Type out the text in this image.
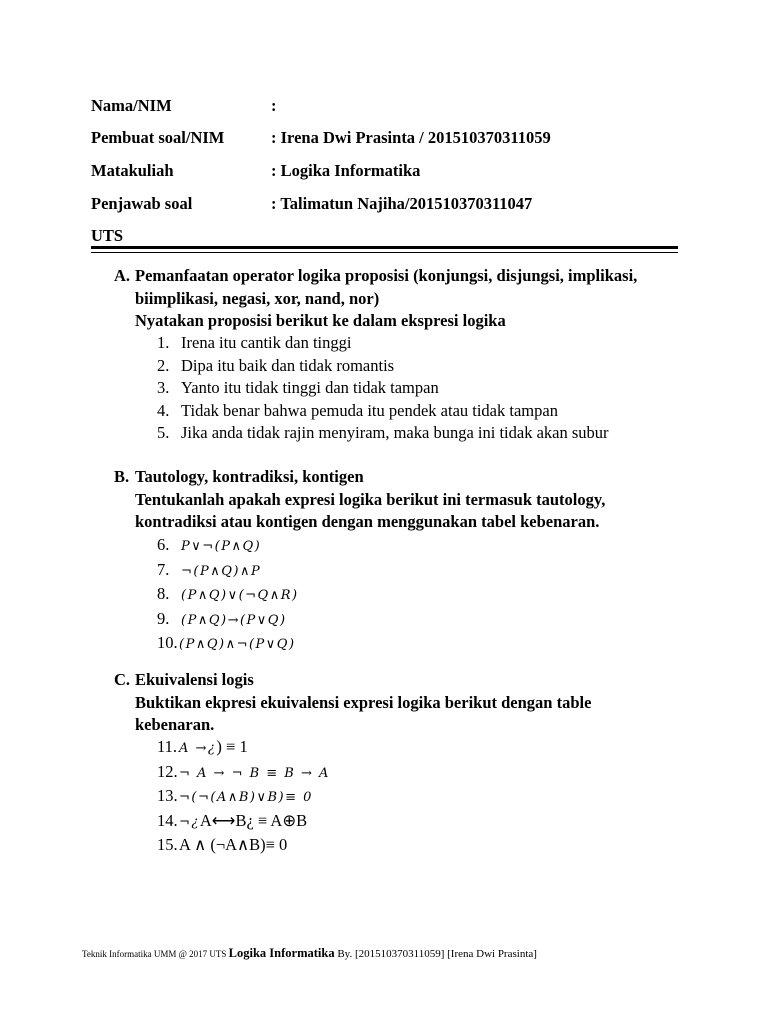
Nama/NIM	:
Pembuat soal/NIM	: Irena Dwi Prasinta / 201510370311059
Matakuliah	: Logika Informatika
Penjawab soal	: Talimatun Najiha/201510370311047
UTS
A. Pemanfaatan operator logika proposisi (konjungsi, disjungsi, implikasi,
biimplikasi, negasi, xor, nand, nor)
Nyatakan proposisi berikut ke dalam ekspresi logika
1. Irena itu cantik dan tinggi
2. Dipa itu baik dan tidak romantis
3. Yanto itu tidak tinggi dan tidak tampan
4. Tidak benar bahwa pemuda itu pendek atau tidak tampan
5. Jika anda tidak rajin menyiram, maka bunga ini tidak akan subur
B. Tautology, kontradiksi, kontigen
Tentukanlah apakah expresi logika berikut ini termasuk tautology,
kontradiksi atau kontigen dengan menggunakan tabel kebenaran.
6. P∨¬(P∧Q)
7. ¬(P∧Q)∧P
8. (P∧Q)∨(¬Q∧R)
9. (P∧Q)→(P∨Q)
10.(P∧Q)∧¬(P∨Q)
C. Ekuivalensi logis
Buktikan ekpresi ekuivalensi expresi logika berikut dengan table
kebenaran.
11. A →¿) ≡ 1
12.¬ A → ¬ B ≡ B → A
13.¬(¬(A∧B)∨B)≡ 0
14.¬¿A⟷B¿ ≡ A⊕B
15.A ∧ (¬A∧B)≡ 0
Teknik Informatika UMM @ 2017 UTS Logika Informatika By. [201510370311059] [Irena Dwi Prasinta]
